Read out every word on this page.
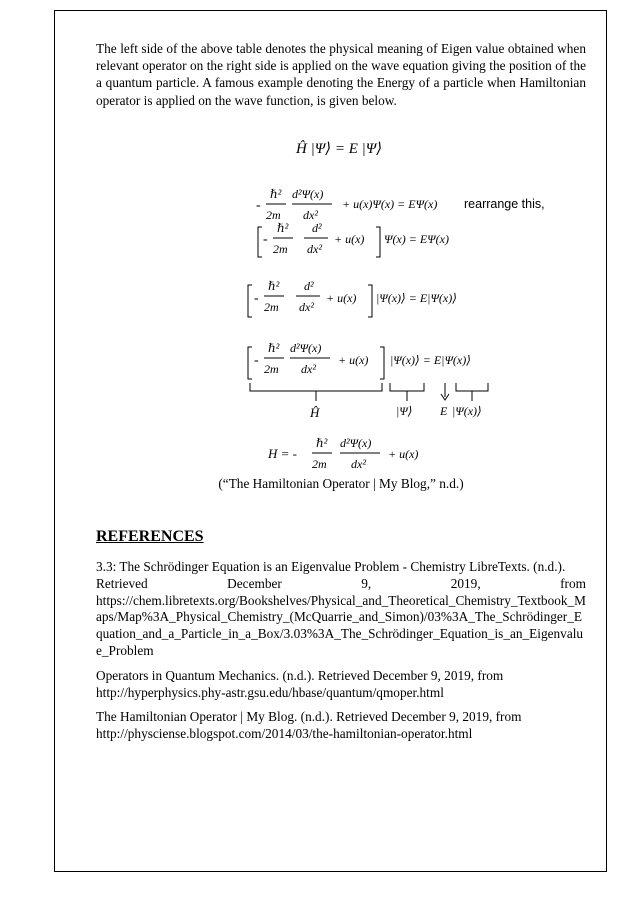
The left side of the above table denotes the physical meaning of Eigen value obtained when relevant operator on the right side is applied on the wave equation giving the position of the a quantum particle. A famous example denoting the Energy of a particle when Hamiltonian operator is applied on the wave function, is given below.

Ĥ |Ψ⟩ = E |Ψ⟩
-
ℏ²
2m
d²Ψ(x)
dx²
+ u(x)Ψ(x) = EΨ(x) rearrange this,
-
ℏ²
2m
d²
dx²
+ u(x) Ψ(x) = EΨ(x)
-
ℏ²
2m
d²
dx²
+ u(x) |Ψ(x)⟩ = E|Ψ(x)⟩
-
ℏ²
2m
d²Ψ(x)
dx²
+ u(x) |Ψ(x)⟩ = E|Ψ(x)⟩
Ĥ	|Ψ⟩ E |Ψ(x)⟩
H = -
ℏ²
2m
d²Ψ(x)
dx²
+ u(x)
(“The Hamiltonian Operator | My Blog,” n.d.)
REFERENCES
3.3: The Schrödinger Equation is an Eigenvalue Problem - Chemistry LibreTexts. (n.d.).
Retrieved	December	9,	2019,	from
https://chem.libretexts.org/Bookshelves/Physical_and_Theoretical_Chemistry_Textbook_Maps/Map%3A_Physical_Chemistry_(McQuarrie_and_Simon)/03%3A_The_Schrödinger_Equation_and_a_Particle_in_a_Box/3.03%3A_The_Schrödinger_Equation_is_an_Eigenvalue_Problem
Operators in Quantum Mechanics. (n.d.). Retrieved December 9, 2019, from
http://hyperphysics.phy-astr.gsu.edu/hbase/quantum/qmoper.html
The Hamiltonian Operator | My Blog. (n.d.). Retrieved December 9, 2019, from
http://physciense.blogspot.com/2014/03/the-hamiltonian-operator.html
